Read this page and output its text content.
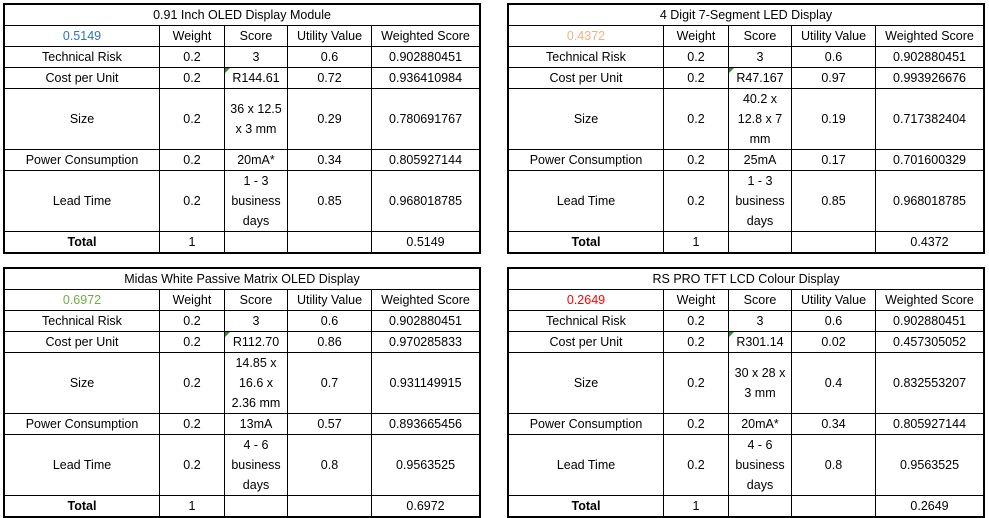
0.91 Inch OLED Display Module				
0.5149	Weight	Score	Utility Value	Weighted Score
Technical Risk	0.2	3	0.6	0.902880451
Cost per Unit	0.2	R144.61	0.72	0.936410984
Size	0.2	36 x 12.5 x 3 mm	0.29	0.780691767
Power Consumption	0.2	20mA*	0.34	0.805927144
Lead Time	0.2	1 - 3 business days	0.85	0.968018785
Total	1			0.5149
4 Digit 7-Segment LED Display				
0.4372	Weight	Score	Utility Value	Weighted Score
Technical Risk	0.2	3	0.6	0.902880451
Cost per Unit	0.2	R47.167	0.97	0.993926676
Size	0.2	40.2 x 12.8 x 7 mm	0.19	0.717382404
Power Consumption	0.2	25mA	0.17	0.701600329
Lead Time	0.2	1 - 3 business days	0.85	0.968018785
Total	1			0.4372
Midas White Passive Matrix OLED Display				
0.6972	Weight	Score	Utility Value	Weighted Score
Technical Risk	0.2	3	0.6	0.902880451
Cost per Unit	0.2	R112.70	0.86	0.970285833
Size	0.2	14.85 x 16.6 x 2.36 mm	0.7	0.931149915
Power Consumption	0.2	13mA	0.57	0.893665456
Lead Time	0.2	4 - 6 business days	0.8	0.9563525
Total	1			0.6972
RS PRO TFT LCD Colour Display				
0.2649	Weight	Score	Utility Value	Weighted Score
Technical Risk	0.2	3	0.6	0.902880451
Cost per Unit	0.2	R301.14	0.02	0.457305052
Size	0.2	30 x 28 x 3 mm	0.4	0.832553207
Power Consumption	0.2	20mA*	0.34	0.805927144
Lead Time	0.2	4 - 6 business days	0.8	0.9563525
Total	1			0.2649
